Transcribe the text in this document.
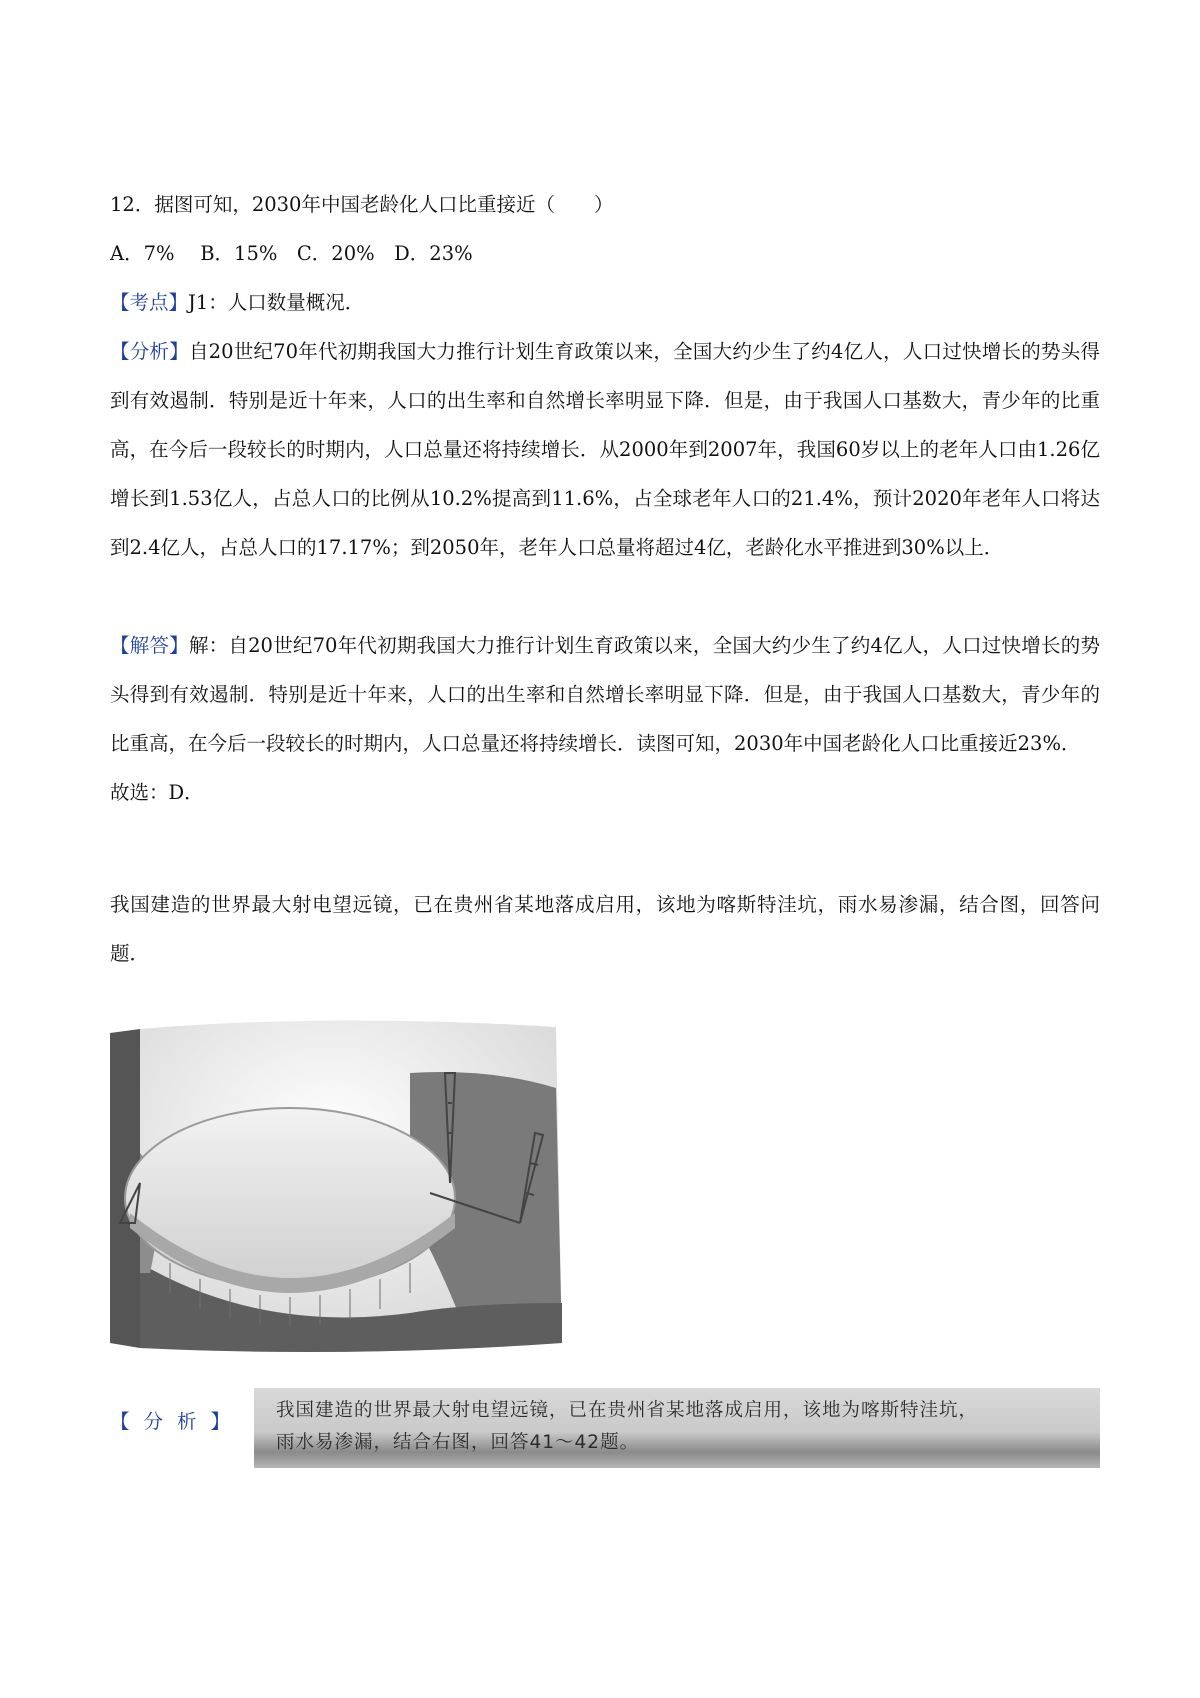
12．据图可知，2030年中国老龄化人口比重接近（　　）

A．7%　 B．15%　C．20%　D．23%

【考点】J1：人口数量概况．

【分析】自20世纪70年代初期我国大力推行计划生育政策以来，全国大约少生了约4亿人，人口过快增长的势头得到有效遏制．特别是近十年来，人口的出生率和自然增长率明显下降．但是，由于我国人口基数大，青少年的比重高，在今后一段较长的时期内，人口总量还将持续增长．从2000年到2007年，我国60岁以上的老年人口由1.26亿增长到1.53亿人，占总人口的比例从10.2%提高到11.6%，占全球老年人口的21.4%，预计2020年老年人口将达到2.4亿人，占总人口的17.17%；到2050年，老年人口总量将超过4亿，老龄化水平推进到30%以上．

【解答】解：自20世纪70年代初期我国大力推行计划生育政策以来，全国大约少生了约4亿人，人口过快增长的势头得到有效遏制．特别是近十年来，人口的出生率和自然增长率明显下降．但是，由于我国人口基数大，青少年的比重高，在今后一段较长的时期内，人口总量还将持续增长．读图可知，2030年中国老龄化人口比重接近23%．

故选：D．

我国建造的世界最大射电望远镜，已在贵州省某地落成启用，该地为喀斯特洼坑，雨水易渗漏，结合图，回答问题．

【分析】 我国建造的世界最大射电望远镜，已在贵州省某地落成启用，该地为喀斯特洼坑，
雨水易渗漏，结合右图，回答41～42题。
